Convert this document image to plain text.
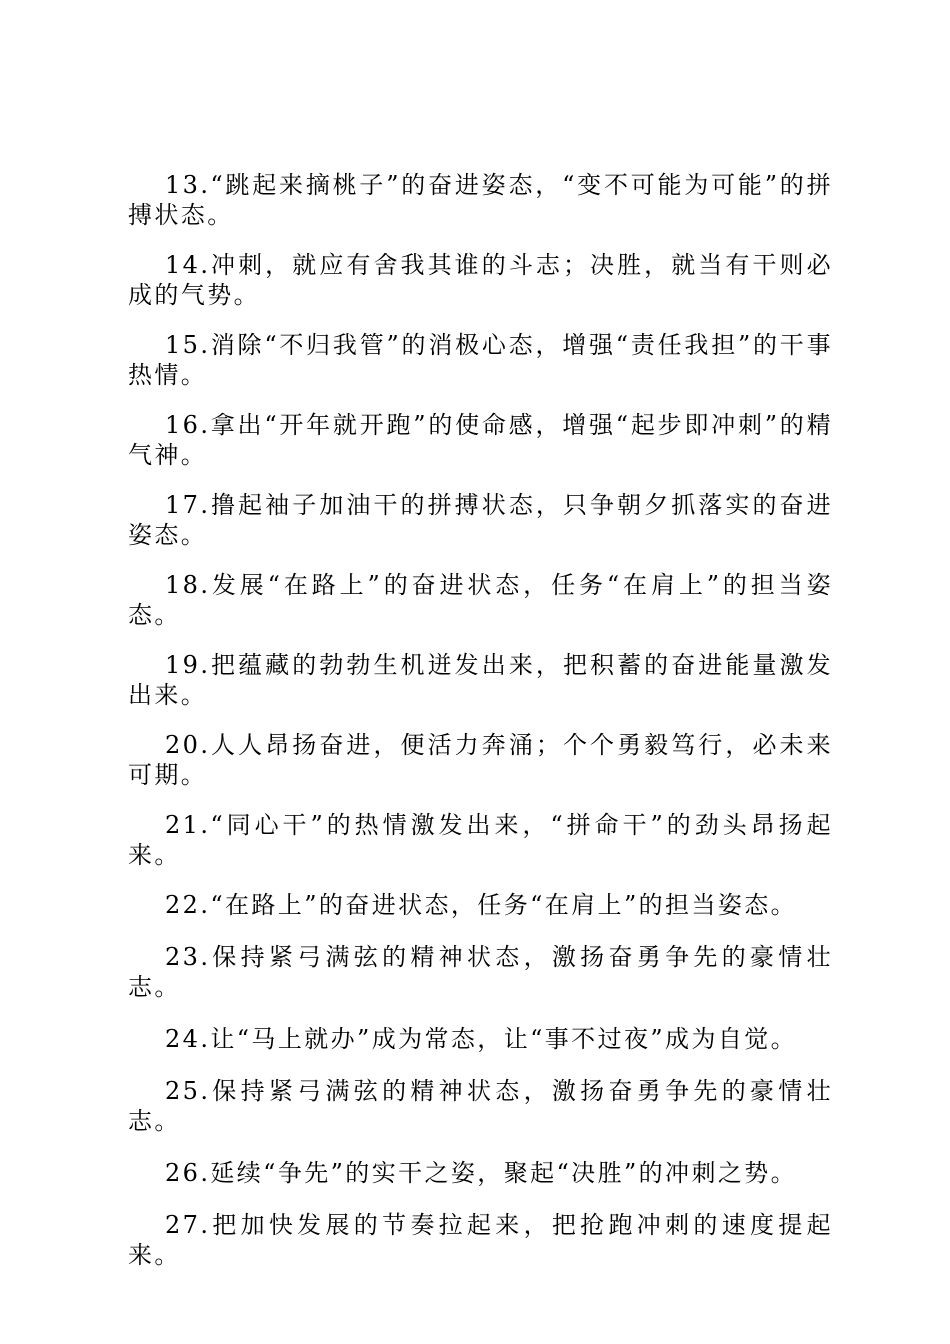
13.“跳起来摘桃子”的奋进姿态，“变不可能为可能”的拼搏状态。

14.冲刺，就应有舍我其谁的斗志；决胜，就当有干则必成的气势。

15.消除“不归我管”的消极心态，增强“责任我担”的干事热情。

16.拿出“开年就开跑”的使命感，增强“起步即冲刺”的精气神。

17.撸起袖子加油干的拼搏状态，只争朝夕抓落实的奋进姿态。

18.发展“在路上”的奋进状态，任务“在肩上”的担当姿态。

19.把蕴藏的勃勃生机迸发出来，把积蓄的奋进能量激发出来。

20.人人昂扬奋进，便活力奔涌；个个勇毅笃行，必未来可期。

21.“同心干”的热情激发出来，“拼命干”的劲头昂扬起来。

22.“在路上”的奋进状态，任务“在肩上”的担当姿态。

23.保持紧弓满弦的精神状态，激扬奋勇争先的豪情壮志。

24.让“马上就办”成为常态，让“事不过夜”成为自觉。

25.保持紧弓满弦的精神状态，激扬奋勇争先的豪情壮志。

26.延续“争先”的实干之姿，聚起“决胜”的冲刺之势。

27.把加快发展的节奏拉起来，把抢跑冲刺的速度提起来。
